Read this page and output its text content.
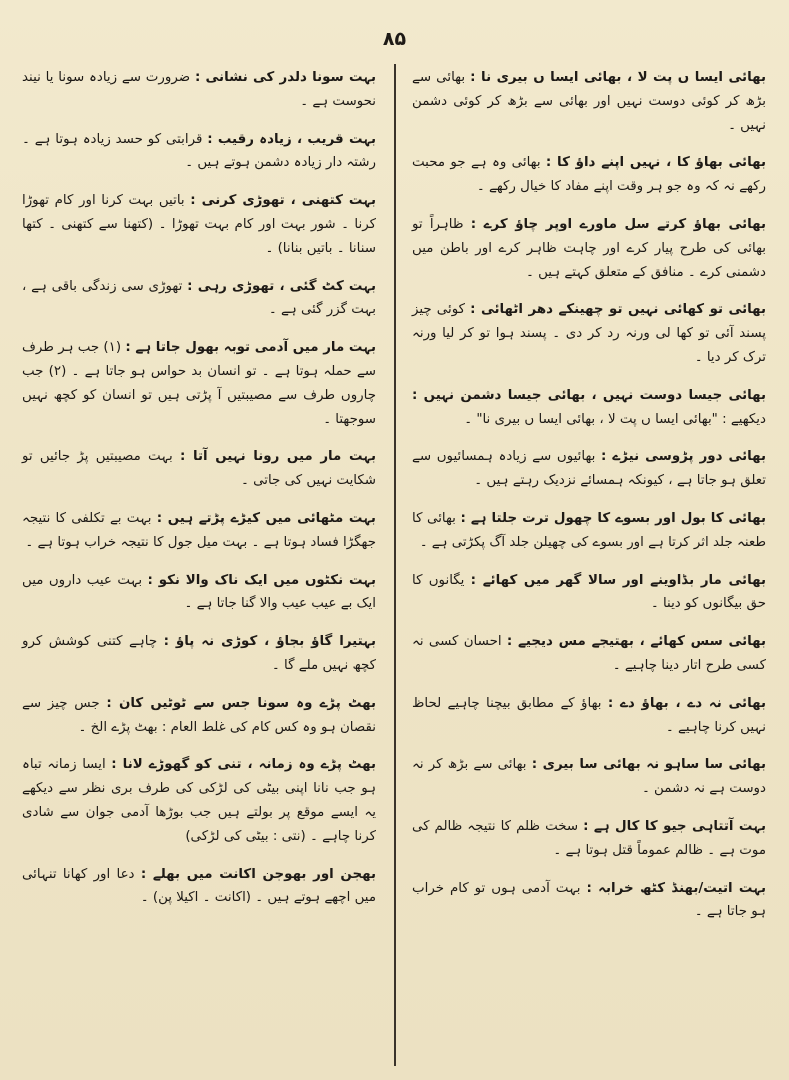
۸۵

بھائی ایسا ں پت لا ، بھائی ایسا ں بیری نا : بھائی سے بڑھ کر کوئی دوست نہیں اور بھائی سے بڑھ کر کوئی دشمن نہیں ۔

بھائی بھاؤ کا ، نہیں اپنے داؤ کا : بھائی وہ ہے جو محبت رکھے نہ کہ وہ جو ہر وقت اپنے مفاد کا خیال رکھے ۔

بھائی بھاؤ کرتے سل ماورے اوپر چاؤ کرے : ظاہراً تو بھائی کی طرح پیار کرے اور چاہت ظاہر کرے اور باطن میں دشمنی کرے ۔ منافق کے متعلق کہتے ہیں ۔

بھائی تو کھائی نہیں تو چھینکے دھر اٹھائی : کوئی چیز پسند آئی تو کھا لی ورنہ رد کر دی ۔ پسند ہوا تو کر لیا ورنہ ترک کر دیا ۔

بھائی جیسا دوست نہیں ، بھائی جیسا دشمن نہیں : دیکھیے : "بھائی ایسا ں پت لا ، بھائی ایسا ں بیری نا" ۔

بھائی دور پڑوسی نیڑے : بھائیوں سے زیادہ ہمسائیوں سے تعلق ہو جاتا ہے ، کیونکہ ہمسائے نزدیک رہتے ہیں ۔

بھائی کا بول اور بسوے کا چھول ترت جلتا ہے : بھائی کا طعنہ جلد اثر کرتا ہے اور بسوے کی چھیلن جلد آگ پکڑتی ہے ۔

بھائی مار بڈاوینے اور سالا گھر میں کھائے : یگانوں کا حق بیگانوں کو دینا ۔

بھائی سس کھائے ، بھتیجے مس دیجیے : احسان کسی نہ کسی طرح اتار دینا چاہیے ۔

بھائی نہ دے ، بھاؤ دے : بھاؤ کے مطابق بیچنا چاہیے لحاظ نہیں کرنا چاہیے ۔

بھائی سا ساہو نہ بھائی سا بیری : بھائی سے بڑھ کر نہ دوست ہے نہ دشمن ۔

بہت آتتاہی جیو کا کال ہے : سخت ظلم کا نتیجہ ظالم کی موت ہے ۔ ظالم عموماً قتل ہوتا ہے ۔

بہت اتیت/بھنڈ کٹھ خرابہ : بہت آدمی ہوں تو کام خراب ہو جاتا ہے ۔

بہت سونا دلدر کی نشانی : ضرورت سے زیادہ سونا یا نیند نحوست ہے ۔

بہت قریب ، زیادہ رقیب : قرابتی کو حسد زیادہ ہوتا ہے ۔ رشتہ دار زیادہ دشمن ہوتے ہیں ۔

بہت کتھنی ، تھوڑی کرنی : باتیں بہت کرنا اور کام تھوڑا کرنا ۔ شور بہت اور کام بہت تھوڑا ۔ (کتھنا سے کتھنی ۔ کتھا سنانا ۔ باتیں بنانا) ۔

بہت کٹ گئی ، تھوڑی رہی : تھوڑی سی زندگی باقی ہے ، بہت گزر گئی ہے ۔

بہت مار میں آدمی توبہ بھول جاتا ہے : (۱) جب ہر طرف سے حملہ ہوتا ہے ۔ تو انسان بد حواس ہو جاتا ہے ۔ (۲) جب چاروں طرف سے مصیبتیں آ پڑتی ہیں تو انسان کو کچھ نہیں سوجھتا ۔

بہت مار میں رونا نہیں آتا : بہت مصیبتیں پڑ جائیں تو شکایت نہیں کی جاتی ۔

بہت مٹھائی میں کیڑے پڑتے ہیں : بہت بے تکلفی کا نتیجہ جھگڑا فساد ہوتا ہے ۔ بہت میل جول کا نتیجہ خراب ہوتا ہے ۔

بہت نکٹوں میں ایک ناک والا نکو : بہت عیب داروں میں ایک بے عیب عیب والا گنا جاتا ہے ۔

بہتیرا گاؤ بجاؤ ، کوڑی نہ پاؤ : چاہے کتنی کوشش کرو کچھ نہیں ملے گا ۔

بھٹ پڑے وہ سونا جس سے ٹوٹیں کان : جس چیز سے نقصان ہو وہ کس کام کی غلط العام : بھٹ پڑے الخ ۔

بھٹ پڑے وہ زمانہ ، تنی کو گھوڑے لانا : ایسا زمانہ تباہ ہو جب نانا اپنی بیٹی کی لڑکی کی طرف بری نظر سے دیکھے یہ ایسے موقع پر بولتے ہیں جب بوڑھا آدمی جوان سے شادی کرنا چاہے ۔ (نتی : بیٹی کی لڑکی)

بھجن اور بھوجن اکانت میں بھلے : دعا اور کھانا تنہائی میں اچھے ہوتے ہیں ۔ (اکانت ۔ اکیلا پن) ۔
